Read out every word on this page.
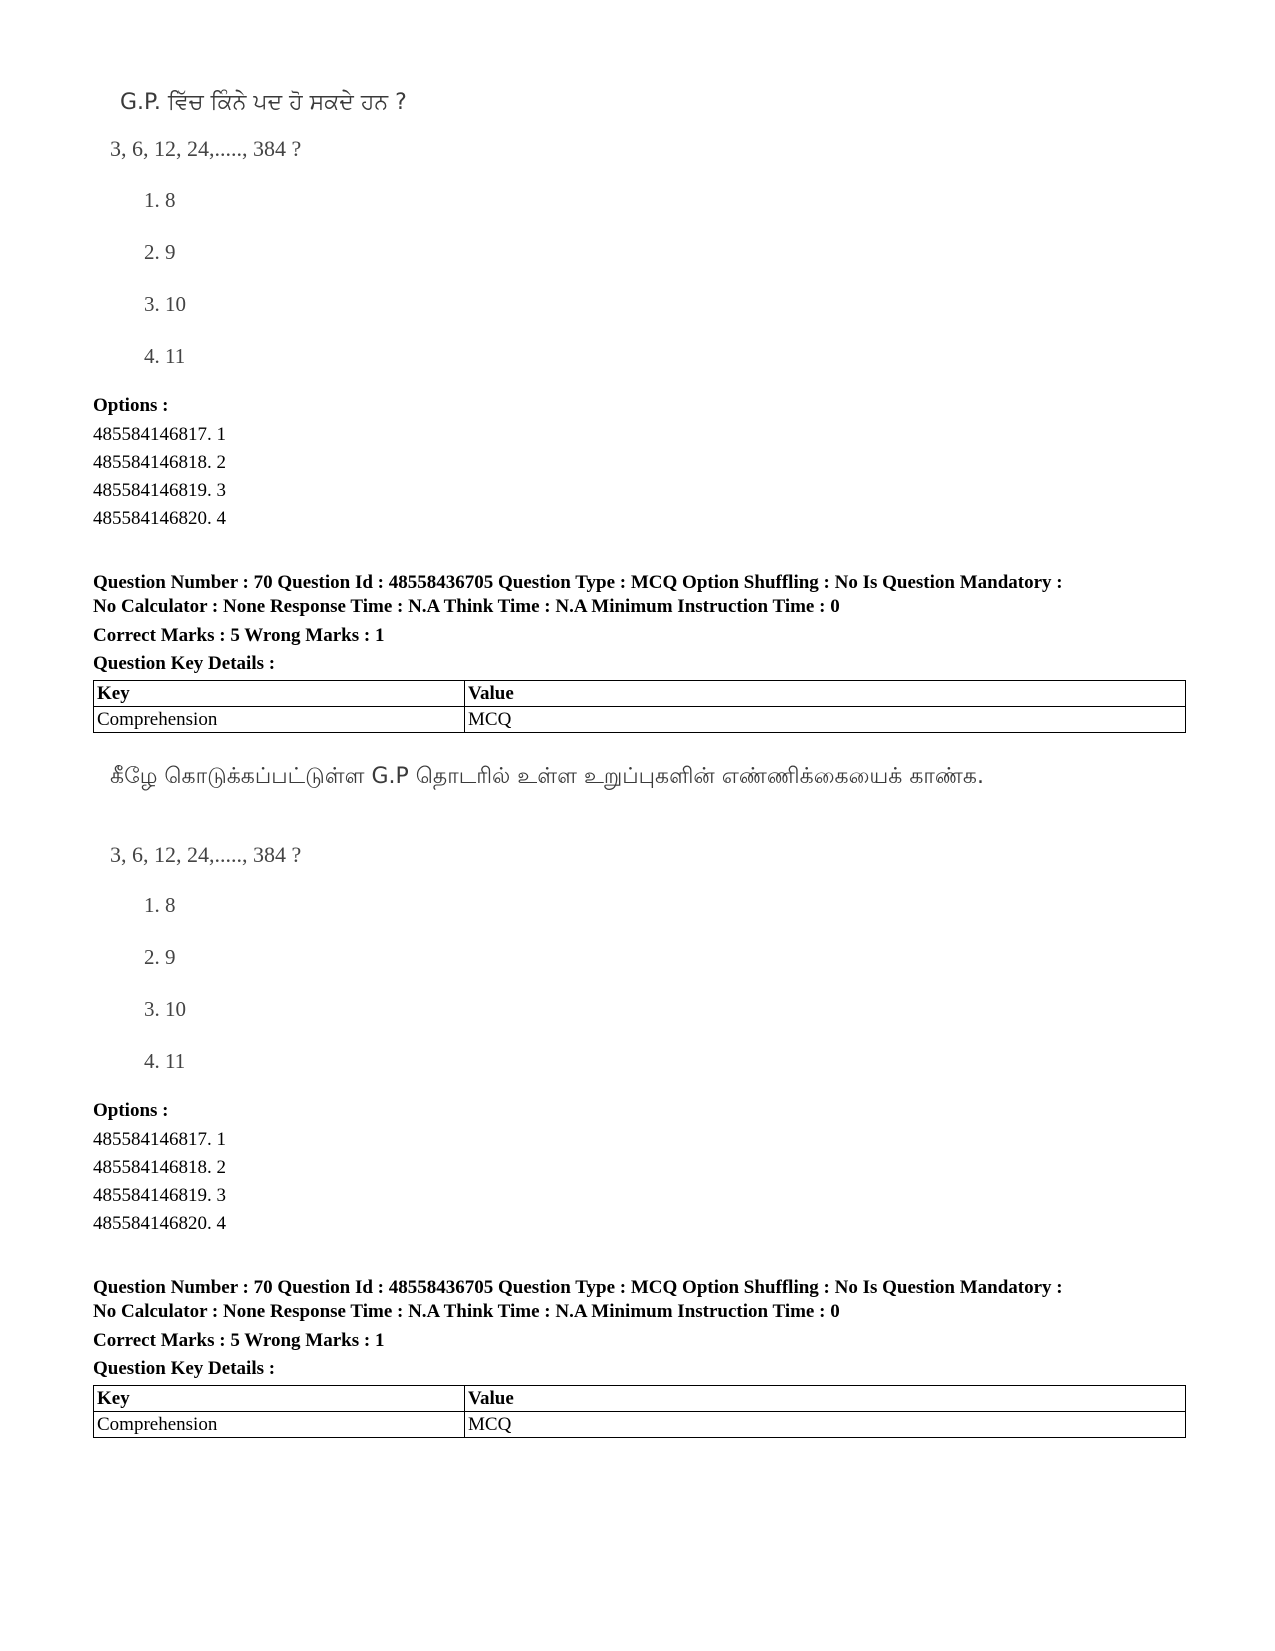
G.P. ਵਿੱਚ ਕਿੰਨੇ ਪਦ ਹੋ ਸਕਦੇ ਹਨ ?
3, 6, 12, 24,....., 384 ?
1. 8
2. 9
3. 10
4. 11
Options :
485584146817. 1
485584146818. 2
485584146819. 3
485584146820. 4
Question Number : 70 Question Id : 48558436705 Question Type : MCQ Option Shuffling : No Is Question Mandatory :
No Calculator : None Response Time : N.A Think Time : N.A Minimum Instruction Time : 0
Correct Marks : 5 Wrong Marks : 1
Question Key Details :
Key	Value
Comprehension	MCQ
கீழே கொடுக்கப்பட்டுள்ள G.P தொடரில் உள்ள உறுப்புகளின் எண்ணிக்கையைக் காண்க.
3, 6, 12, 24,....., 384 ?
1. 8
2. 9
3. 10
4. 11
Options :
485584146817. 1
485584146818. 2
485584146819. 3
485584146820. 4
Question Number : 70 Question Id : 48558436705 Question Type : MCQ Option Shuffling : No Is Question Mandatory :
No Calculator : None Response Time : N.A Think Time : N.A Minimum Instruction Time : 0
Correct Marks : 5 Wrong Marks : 1
Question Key Details :
Key	Value
Comprehension	MCQ
